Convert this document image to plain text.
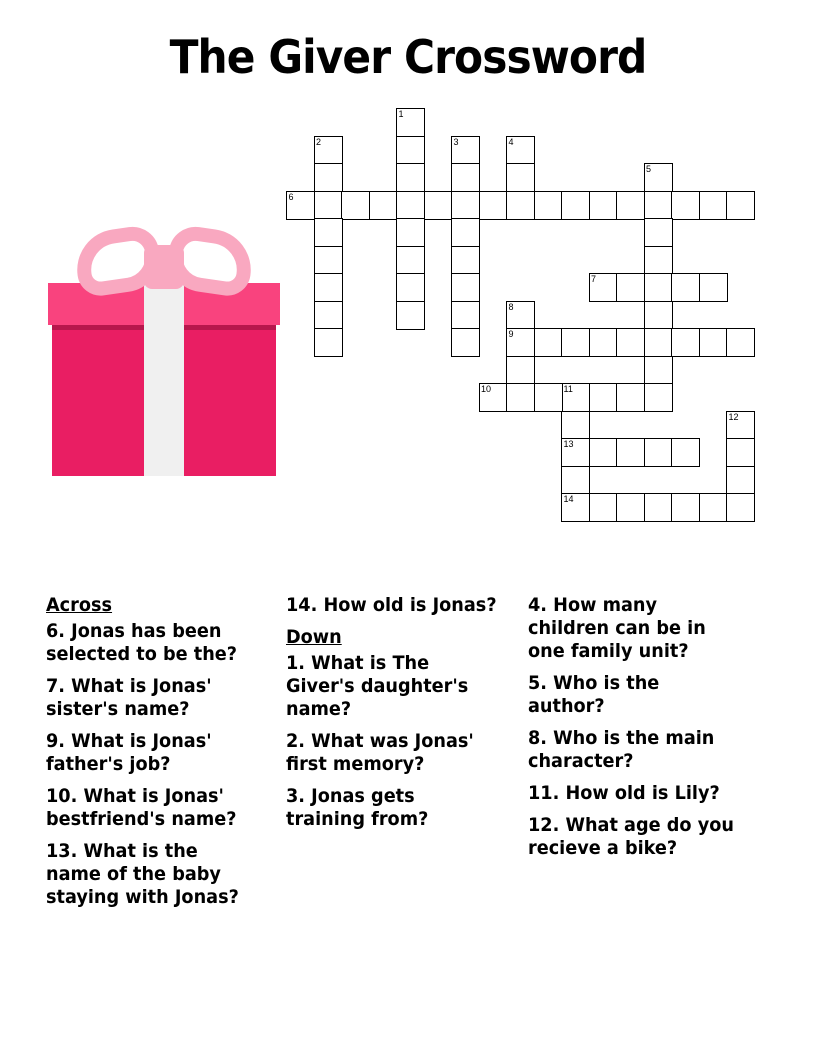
The Giver Crossword
1
2	3	4
5
6
7
8
9
10	11
12
13
14
Across
6. Jonas has been selected to be the?
7. What is Jonas' sister's name?
9. What is Jonas' father's job?
10. What is Jonas' bestfriend's name?
13. What is the name of the baby staying with Jonas?
14. How old is Jonas?
Down
1. What is The Giver's daughter's name?
2. What was Jonas' first memory?
3. Jonas gets training from?
4. How many children can be in one family unit?
5. Who is the author?
8. Who is the main character?
11. How old is Lily?
12. What age do you recieve a bike?
